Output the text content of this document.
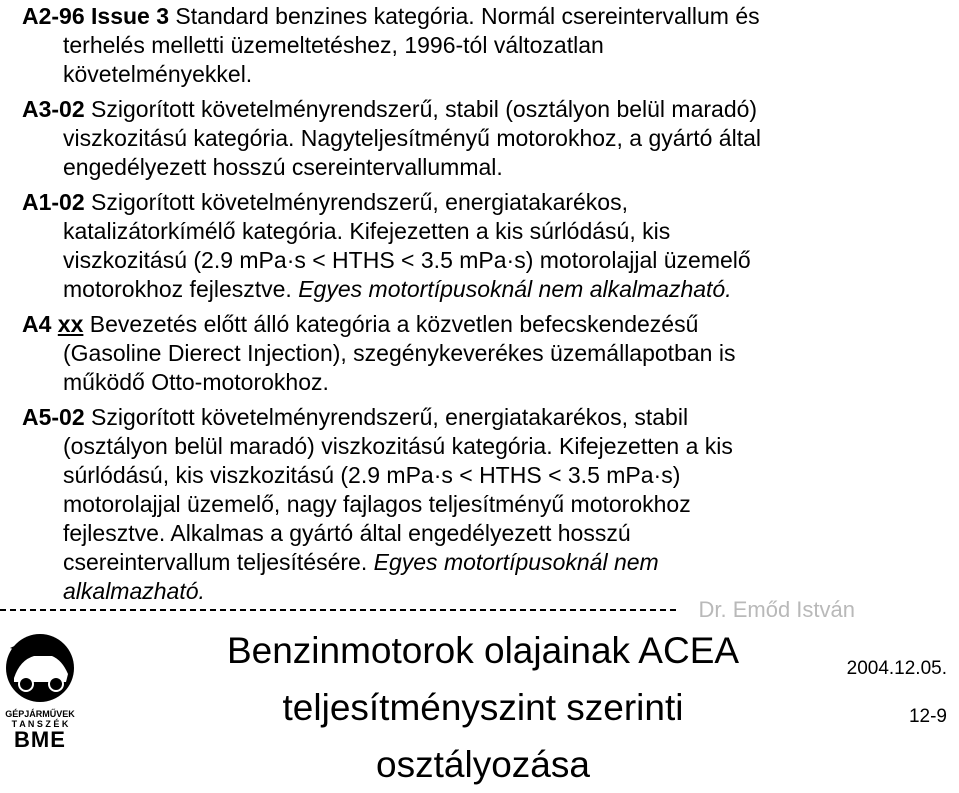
A2-96 Issue 3 Standard benzines kategória. Normál csereintervallum és
terhelés melletti üzemeltetéshez, 1996-tól változatlan
követelményekkel.

A3-02 Szigorított követelményrendszerű, stabil (osztályon belül maradó)
viszkozitású kategória. Nagyteljesítményű motorokhoz, a gyártó által
engedélyezett hosszú csereintervallummal.

A1-02 Szigorított követelményrendszerű, energiatakarékos,
katalizátorkímélő kategória. Kifejezetten a kis súrlódású, kis
viszkozitású (2.9 mPa·s < HTHS < 3.5 mPa·s) motorolajjal üzemelő
motorokhoz fejlesztve. Egyes motortípusoknál nem alkalmazható.

A4 xx Bevezetés előtt álló kategória a közvetlen befecskendezésű
(Gasoline Dierect Injection), szegénykeverékes üzemállapotban is
működő Otto-motorokhoz.

A5-02 Szigorított követelményrendszerű, energiatakarékos, stabil
(osztályon belül maradó) viszkozitású kategória. Kifejezetten a kis
súrlódású, kis viszkozitású (2.9 mPa·s < HTHS < 3.5 mPa·s)
motorolajjal üzemelő, nagy fajlagos teljesítményű motorokhoz
fejlesztve. Alkalmas a gyártó által engedélyezett hosszú
csereintervallum teljesítésére. Egyes motortípusoknál nem
alkalmazható.

Dr. Emőd István
GÉPJÁRMŰVEK
T A N S Z É K
BME
Benzinmotorok olajainak ACEA
teljesítményszint szerinti
osztályozása
2004.12.05.
12-9
